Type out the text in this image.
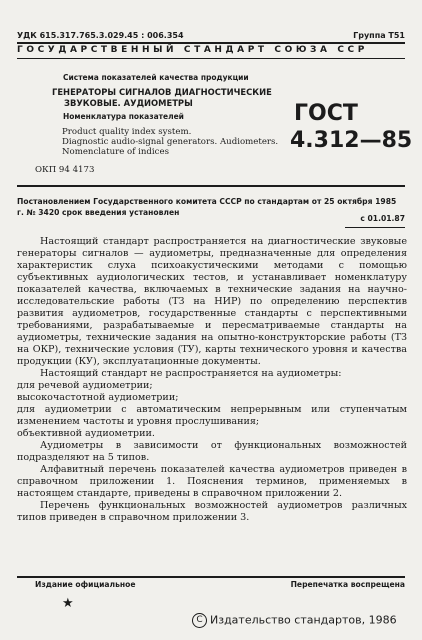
УДК 615.317.765.3.029.45 : 006.354	Группа Т51
ГОСУДАРСТВЕННЫЙ СТАНДАРТ СОЮЗА ССР
Система показателей качества продукции
ГЕНЕРАТОРЫ СИГНАЛОВ ДИАГНОСТИЧЕСКИЕ
ЗВУКОВЫЕ. АУДИОМЕТРЫ
Номенклатура показателей
Product quality index system.
Diagnostic audio-signal generators. Audiometers.
Nomenclature of indices
ГОСТ
4.312—85
ОКП 94 4173
Постановлением Государственного комитета СССР по стандартам от 25 октября 1985 г. № 3420 срок введения установлен
с 01.01.87

Настоящий стандарт распространяется на диагностические звуковые генераторы сигналов — аудиометры, предназначенные для определения характеристик слуха психоакустическими методами с помощью субъективных аудиологических тестов, и устанавливает номенклатуру показателей качества, включаемых в технические задания на научно-исследовательские работы (ТЗ на НИР) по определению перспектив развития аудиометров, государственные стандарты с перспективными требованиями, разрабатываемые и пересматриваемые стандарты на аудиометры, технические задания на опытно-конструкторские работы (ТЗ на ОКР), технические условия (ТУ), карты технического уровня и качества продукции (КУ), эксплуатационные документы.

Настоящий стандарт не распространяется на аудиометры:

для речевой аудиометрии;

высокочастотной аудиометрии;

для аудиометрии с автоматическим непрерывным или ступенчатым изменением частоты и уровня прослушивания;

объективной аудиометрии.

Аудиометры в зависимости от функциональных возможностей подразделяют на 5 типов.

Алфавитный перечень показателей качества аудиометров приведен в справочном приложении 1. Пояснения терминов, применяемых в настоящем стандарте, приведены в справочном приложении 2.

Перечень функциональных возможностей аудиометров различных типов приведен в справочном приложении 3.

Издание официальное	Перепечатка воспрещена
★
C Издательство стандартов, 1986
